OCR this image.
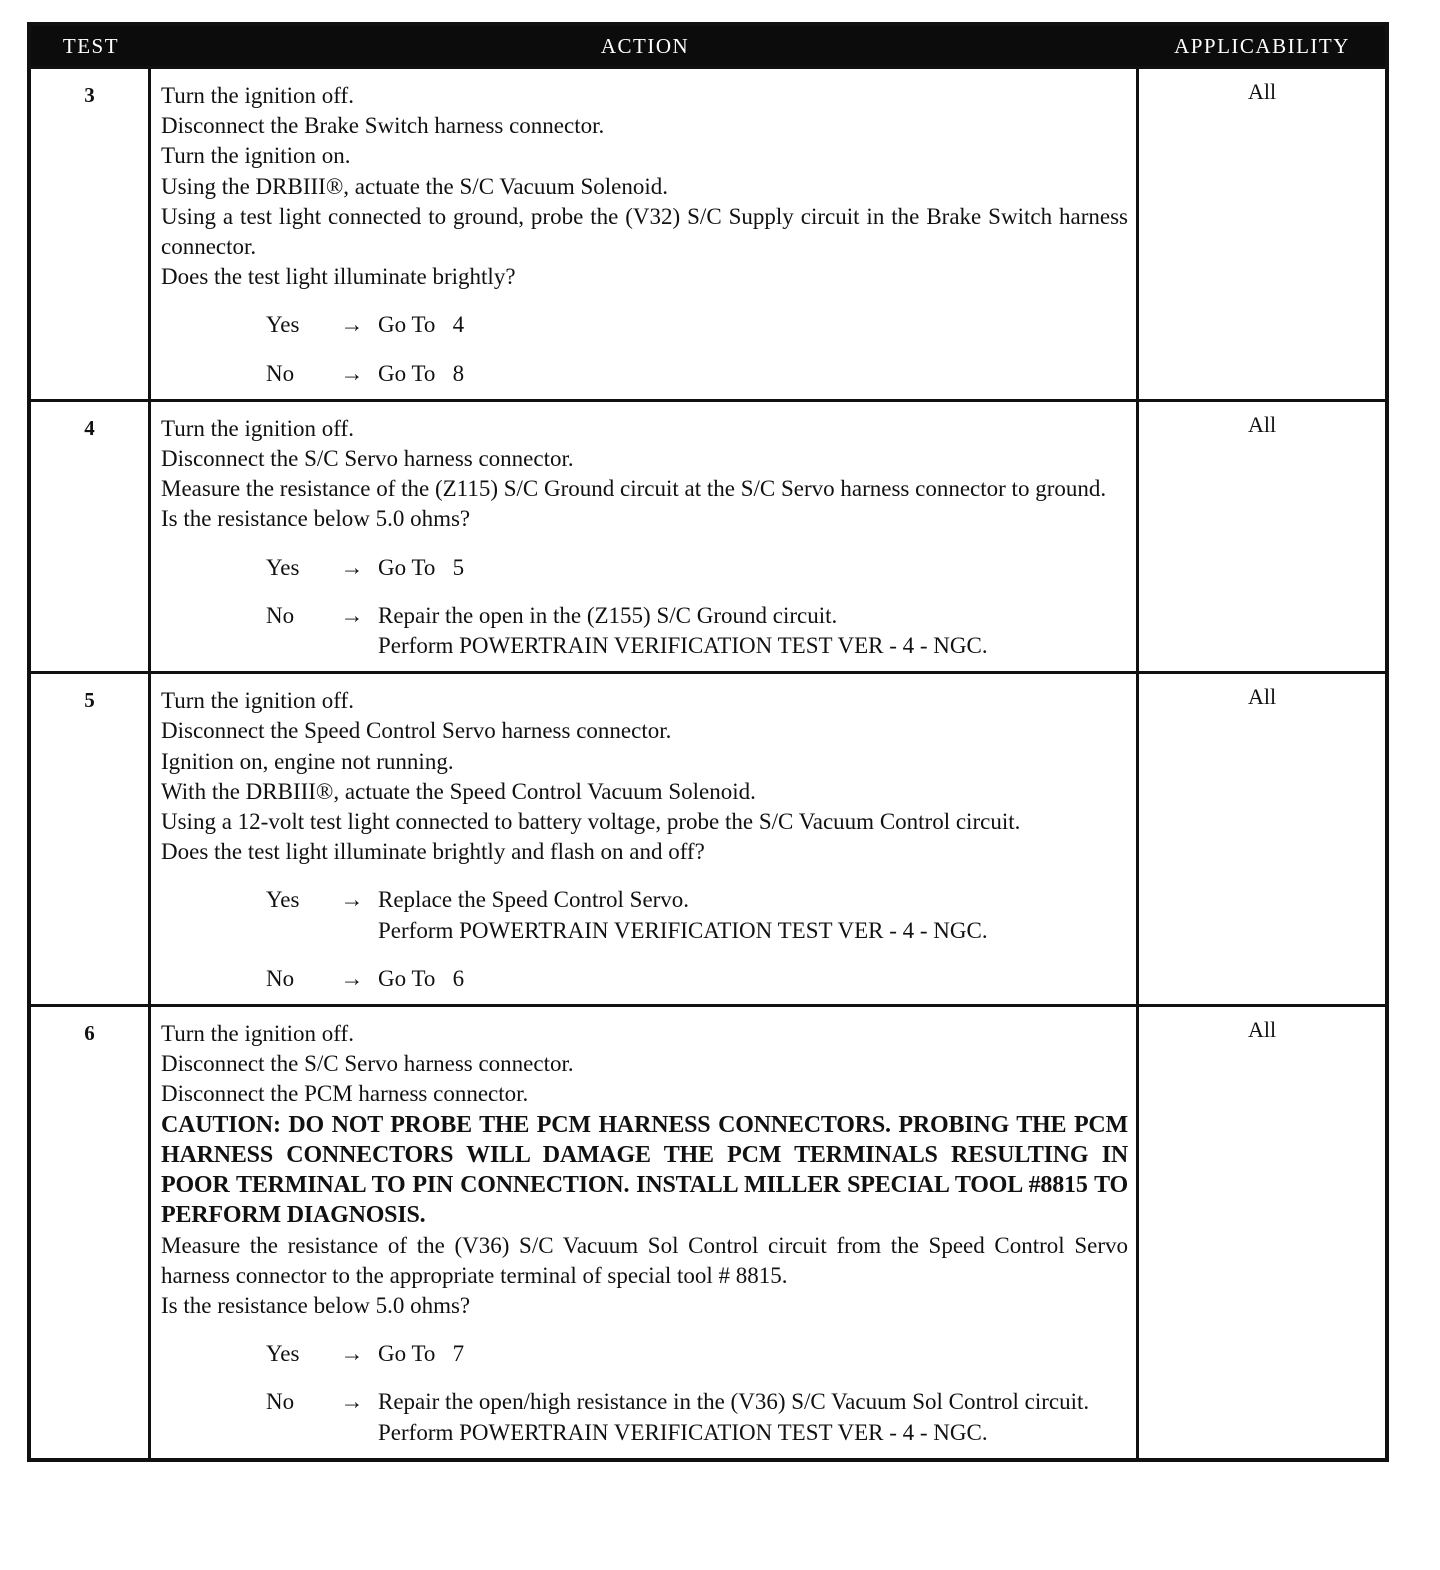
TEST	ACTION	APPLICABILITY
3	Turn the ignition off.
Disconnect the Brake Switch harness connector.
Turn the ignition on.
Using the DRBIII®, actuate the S/C Vacuum Solenoid.
Using a test light connected to ground, probe the (V32) S/C Supply circuit in the Brake Switch harness connector.
Does the test light illuminate brightly?
Yes	→ Go To   4
No	→ Go To   8
All
4	Turn the ignition off.
Disconnect the S/C Servo harness connector.
Measure the resistance of the (Z115) S/C Ground circuit at the S/C Servo harness connector to ground.
Is the resistance below 5.0 ohms?
Yes	→ Go To   5
No	→ Repair the open in the (Z155) S/C Ground circuit.
Perform POWERTRAIN VERIFICATION TEST VER - 4 - NGC.
All
5	Turn the ignition off.
Disconnect the Speed Control Servo harness connector.
Ignition on, engine not running.
With the DRBIII®, actuate the Speed Control Vacuum Solenoid.
Using a 12-volt test light connected to battery voltage, probe the S/C Vacuum Control circuit.
Does the test light illuminate brightly and flash on and off?
Yes	→ Replace the Speed Control Servo.
Perform POWERTRAIN VERIFICATION TEST VER - 4 - NGC.
No	→ Go To   6
All
6	Turn the ignition off.
Disconnect the S/C Servo harness connector.
Disconnect the PCM harness connector.
CAUTION: DO NOT PROBE THE PCM HARNESS CONNECTORS. PROBING THE PCM HARNESS CONNECTORS WILL DAMAGE THE PCM TERMINALS RESULTING IN POOR TERMINAL TO PIN CONNECTION. INSTALL MILLER SPECIAL TOOL #8815 TO PERFORM DIAGNOSIS.
Measure the resistance of the (V36) S/C Vacuum Sol Control circuit from the Speed Control Servo harness connector to the appropriate terminal of special tool # 8815.
Is the resistance below 5.0 ohms?
Yes	→ Go To   7
No	→ Repair the open/high resistance in the (V36) S/C Vacuum Sol Control circuit.
Perform POWERTRAIN VERIFICATION TEST VER - 4 - NGC.
All
